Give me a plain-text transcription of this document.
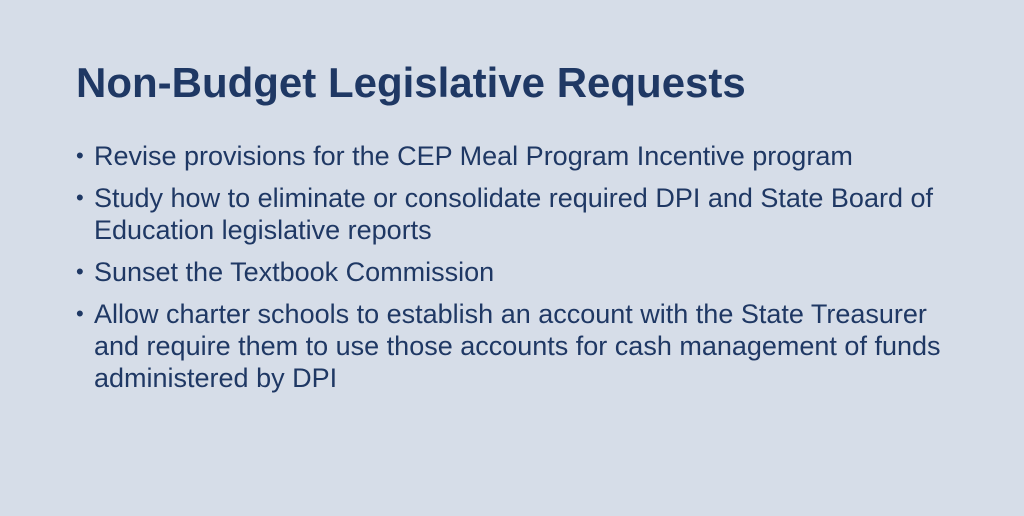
Non-Budget Legislative Requests
• Revise provisions for the CEP Meal Program Incentive program
• Study how to eliminate or consolidate required DPI and State Board of Education legislative reports
• Sunset the Textbook Commission
• Allow charter schools to establish an account with the State Treasurer and require them to use those accounts for cash management of funds administered by DPI
